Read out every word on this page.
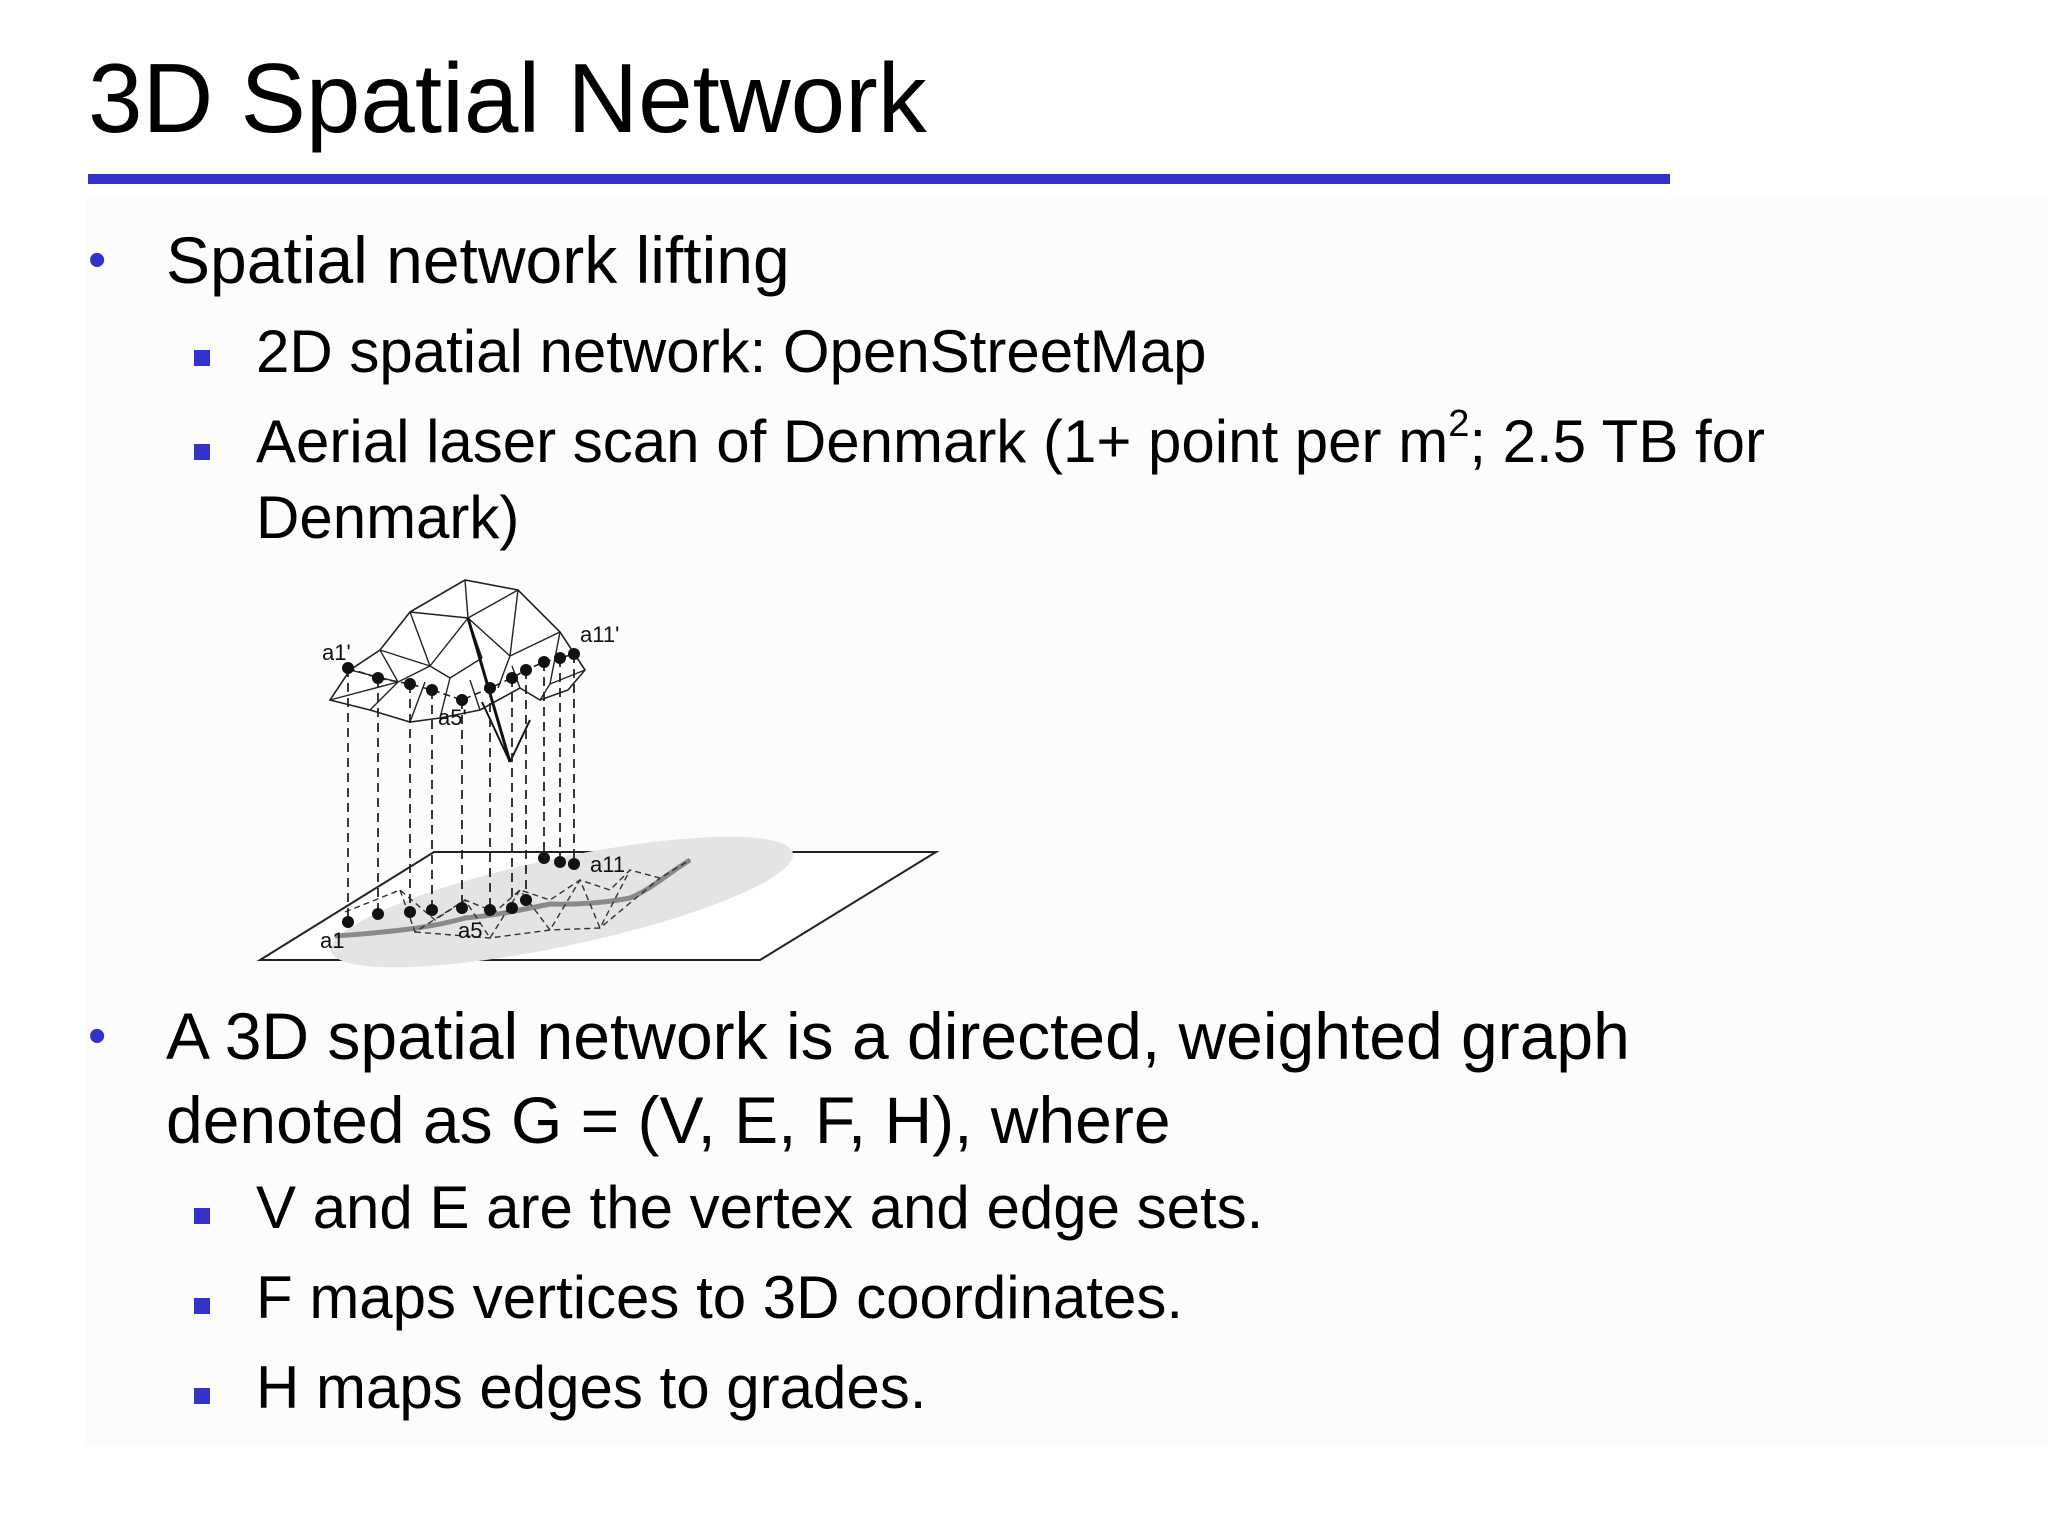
3D Spatial Network
• Spatial network lifting
2D spatial network: OpenStreetMap
Aerial laser scan of Denmark (1+ point per $m^2$; 2.5 TB for
Denmark)
a1'
a5'
a11'
a1	a5
a11
• A 3D spatial network is a directed, weighted graph
denoted as G = (V, E, F, H), where
V and E are the vertex and edge sets.
F maps vertices to 3D coordinates.
H maps edges to grades.
